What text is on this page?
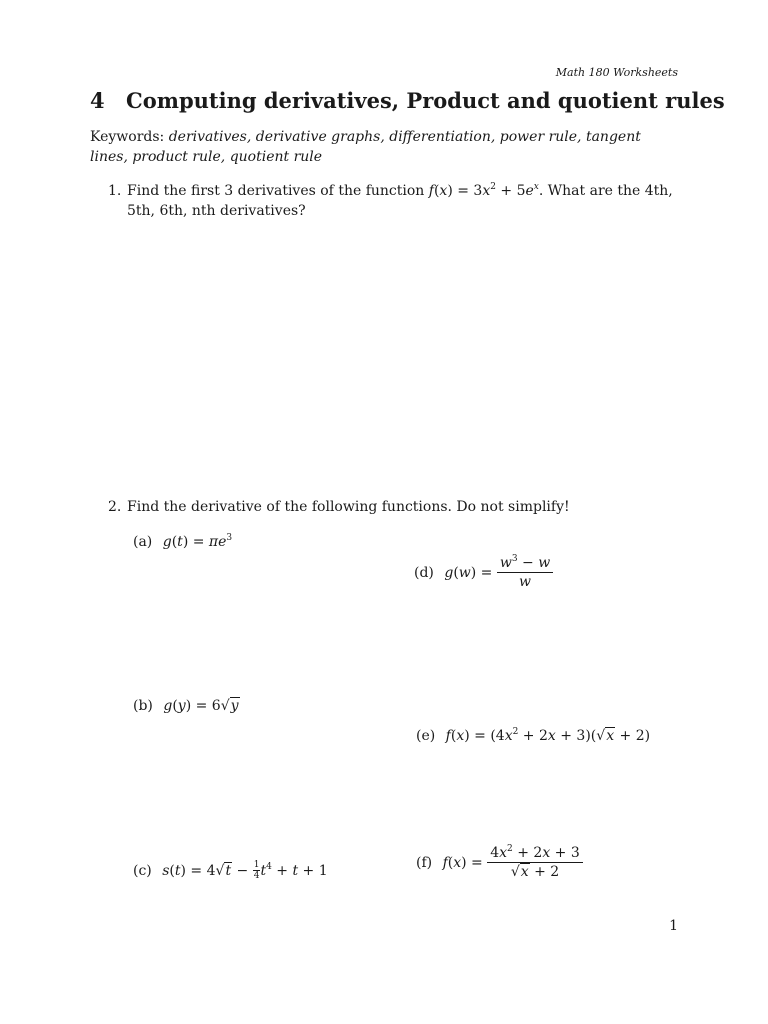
Math 180 Worksheets
4 Computing derivatives, Product and quotient rules
Keywords: derivatives, derivative graphs, differentiation, power rule, tangent lines, product rule, quotient rule
1. Find the first 3 derivatives of the function $f(x) = 3x^2 + 5e^x$. What are the 4th, 5th, 6th, nth derivatives?
2. Find the derivative of the following functions. Do not simplify!
(a) $g(t) = \pi e^3$
(d) $g(w) = \frac{w^3 - w}{w}$
(b) g(y) = 6√y
(e) $f(x) = (4x^2 + 2x + 3)(√x + 2)$
(f) $f(x) = \frac{4x^2 + 2x + 3}{√x + 2}$
(c) $s(t) = 4√t - \frac{1}{4} t^4 + t + 1$
1
